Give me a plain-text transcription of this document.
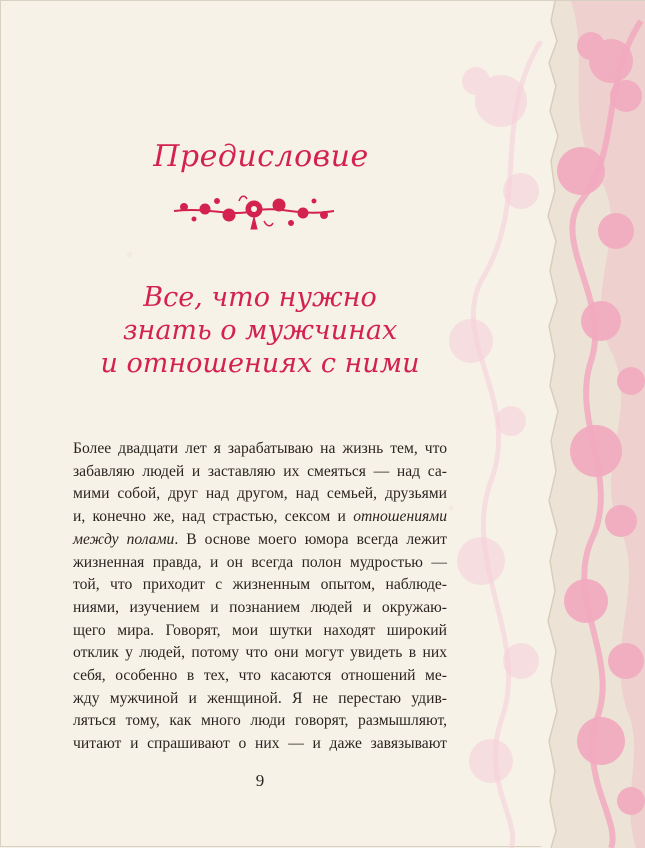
Предисловие
Все, что нужно
знать о мужчинах
и отношениях с ними
Более двадцати лет я зарабатываю на жизнь тем, что
забавляю людей и заставляю их смеяться — над са-
мими собой, друг над другом, над семьей, друзьями
и, конечно же, над страстью, сексом и отношениями
между полами. В основе моего юмора всегда лежит
жизненная правда, и он всегда полон мудростью —
той, что приходит с жизненным опытом, наблюде-
ниями, изучением и познанием людей и окружаю-
щего мира. Говорят, мои шутки находят широкий
отклик у людей, потому что они могут увидеть в них
себя, особенно в тех, что касаются отношений ме-
жду мужчиной и женщиной. Я не перестаю удив-
ляться тому, как много люди говорят, размышляют,
читают и спрашивают о них — и даже завязывают
9
